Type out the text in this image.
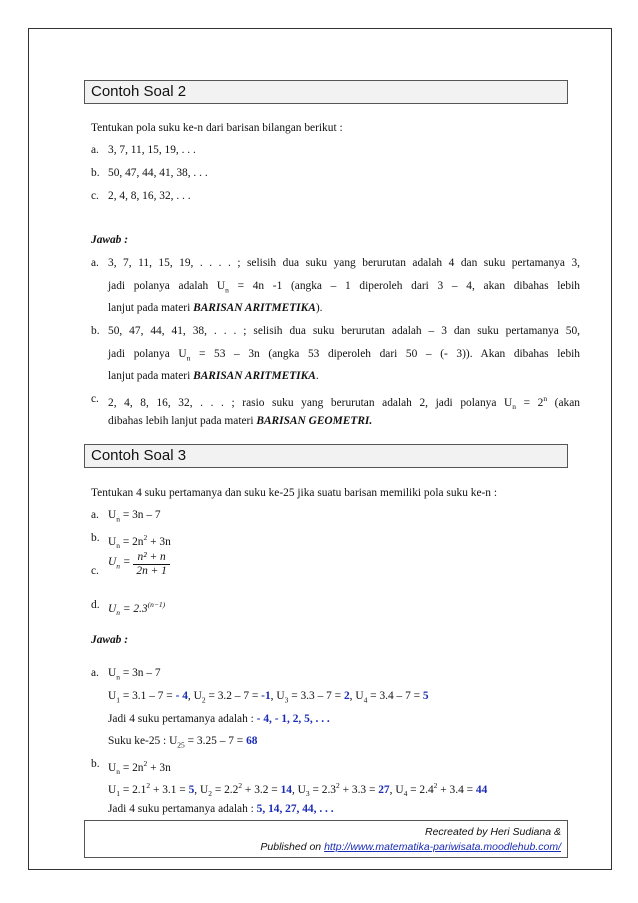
Contoh Soal 2
Tentukan pola suku ke-n dari barisan bilangan berikut :
a. 3, 7, 11, 15, 19, . . .
b. 50, 47, 44, 41, 38, . . .
c. 2, 4, 8, 16, 32, . . .
Jawab :
a. 3, 7, 11, 15, 19, . . . . ; selisih dua suku yang berurutan adalah 4 dan suku pertamanya 3,
jadi polanya adalah $U_n = 4n$ -1 (angka – 1 diperoleh dari 3 – 4, akan dibahas lebih
lanjut pada materi BARISAN ARITMETIKA).
b. 50, 47, 44, 41, 38, . . . ; selisih dua suku berurutan adalah – 3 dan suku pertamanya 50,
jadi polanya $U_n = 53 - 3n$ (angka 53 diperoleh dari 50 – (- 3)). Akan dibahas lebih
lanjut pada materi BARISAN ARITMETIKA.
c. 2, 4, 8, 16, 32, . . . ; rasio suku yang berurutan adalah 2, jadi polanya $U_n = 2^n$ (akan
dibahas lebih lanjut pada materi BARISAN GEOMETRI.
Contoh Soal 3
Tentukan 4 suku pertamanya dan suku ke-25 jika suatu barisan memiliki pola suku ke-n :
a. $U_n = 3n - 7$
b. $U_n = 2n^2 + 3n$
c.
$U_n = \frac{\text{n² + n}}{2n + 1}$
d. $U_n = 2.3^{(n-1)}$
Jawab :
a. $U_n = 3n - 7$
$U_1 = 3.1 - 7$ = - 4, $U_2 = 3.2 - 7 = -1$, $U_3 = 3.3 - 7 = 2$, $U_4 = 3.4 - 7 = 5$
Jadi 4 suku pertamanya adalah : - 4, - 1, 2, 5, . . .
Suku ke-25 : $U_{25} = 3.25 - 7 = 68$
b. $U_n = 2n^2 + 3n$
$U_1 = 2.1^2 + 3.1 = 5$, $U_2 = 2.2^2 + 3.2 = 14$, $U_3 = 2.3^2 + 3.3 = 27$, $U_4 = 2.4^2 + 3.4 = 44$
Jadi 4 suku pertamanya adalah : 5, 14, 27, 44, . . .
Recreated by Heri Sudiana &
Published on http://www.matematika-pariwisata.moodlehub.com/
